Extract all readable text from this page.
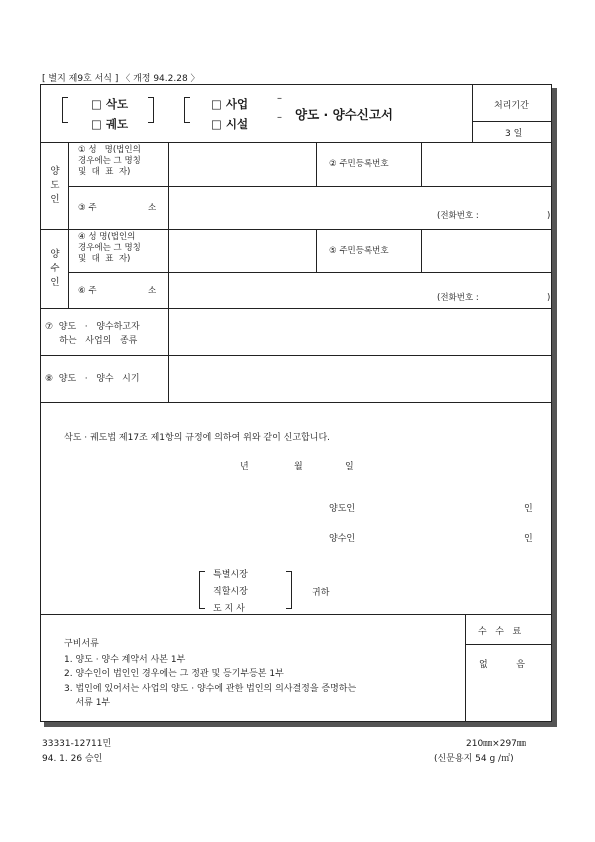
[ 별지 제9호 서식 ] 〈 개정 94.2.28 〉
□ 삭도
□ 궤도
□ 사업
□ 시설
–
– 양도 · 양수신고서
처리기간
3 일
양
도
인
① 성   명(법인의
경우에는 그 명칭
및  대  표  자)
② 주민등록번호
③ 주	소
(전화번호 :	)
양
수
인
④ 성 명(법인의
경우에는 그 명칭
및  대  표  자)
⑤ 주민등록번호
⑥ 주	소
(전화번호 :	)
⑦  양도   ·   양수하고자
하는   사업의   종류
⑧  양도   ·   양수   시기
삭도 · 궤도법 제17조 제1항의 규정에 의하여 위와 같이 신고합니다.
년	월	일
양도인	인
양수인	인
특별시장
직할시장
도 지 사
귀하
구비서류
1. 양도 · 양수 계약서 사본 1부
2. 양수인이 법인인 경우에는 그 정관 및 등기부등본 1부
3. 법인에 있어서는 사업의 양도 · 양수에 관한 법인의 의사결정을 증명하는
서류 1부
수   수   료
없          음
33331-12711민
94. 1. 26 승인
210㎜×297㎜
(신문용지 54 g /㎡)
